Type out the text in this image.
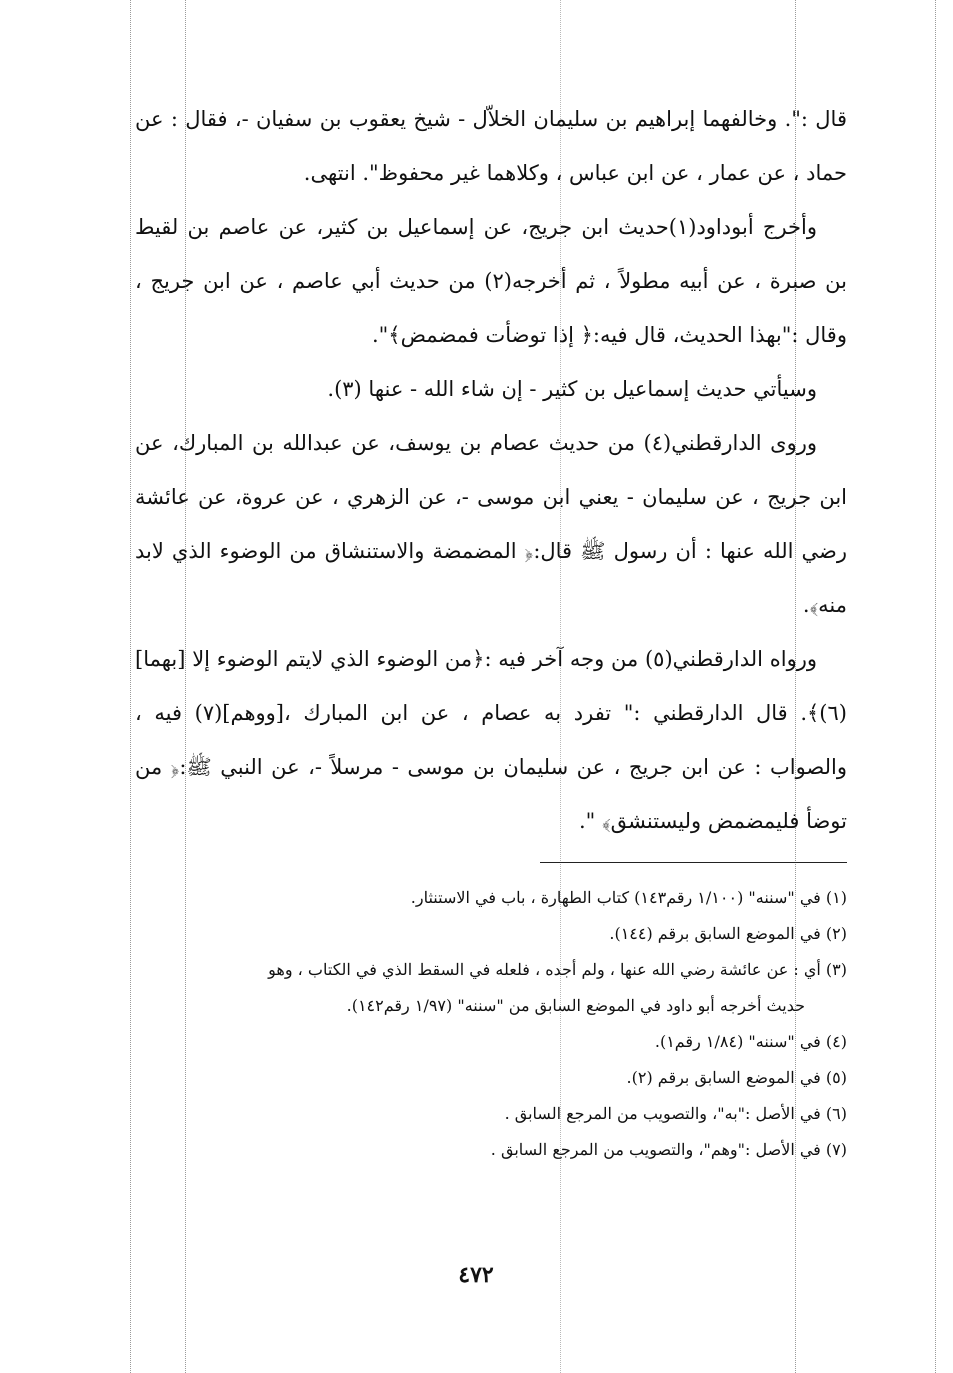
قال :". وخالفهما إبراهيم بن سليمان الخلاّل - شيخ يعقوب بن سفيان -، فقال : عن حماد ، عن عمار ، عن ابن عباس ، وكلاهما غير محفوظ". انتهى.

وأخرج أبوداود(١)حديث ابن جريج، عن إسماعيل بن كثير، عن عاصم بن لقيط بن صبرة ، عن أبيه مطولاً ، ثم أخرجه(٢) من حديث أبي عاصم ، عن ابن جريج ، وقال :"بهذا الحديث، قال فيه:﴿ إذا توضأت فمضمض﴾".

وسيأتي حديث إسماعيل بن كثير - إن شاء الله - عنها (٣).

وروى الدارقطني(٤) من حديث عصام بن يوسف، عن عبدالله بن المبارك، عن ابن جريج ، عن سليمان - يعني ابن موسى -، عن الزهري ، عن عروة، عن عائشة رضي الله عنها : أن رسول ﷺ قال:﴿ المضمضة والاستنشاق من الوضوء الذي لابد منه﴾.

ورواه الدارقطني(٥) من وجه آخر فيه :﴿من الوضوء الذي لايتم الوضوء إلا [بهما](٦)﴾. قال الدارقطني :" تفرد به عصام ، عن ابن المبارك ،[ووهم](٧) فيه ، والصواب : عن ابن جريج ، عن سليمان بن موسى - مرسلاً -، عن النبي ﷺ:﴿ من توضأ فليمضمض وليستنشق﴾ ".

(١) في "سننه" (١/١٠٠ رقم١٤٣) كتاب الطهارة ، باب في الاستنثار.

(٢) في الموضع السابق برقم (١٤٤).

(٣) أي : عن عائشة رضي الله عنها ، ولم أجده ، فلعله في السقط الذي في الكتاب ، وهو

حديث أخرجه أبو داود في الموضع السابق من "سننه" (١/٩٧ رقم١٤٢).

(٤) في "سننه" (١/٨٤ رقم١).

(٥) في الموضع السابق برقم (٢).

(٦) في الأصل :"به"، والتصويب من المرجع السابق .

(٧) في الأصل :"وهم"، والتصويب من المرجع السابق .

٤٧٢
